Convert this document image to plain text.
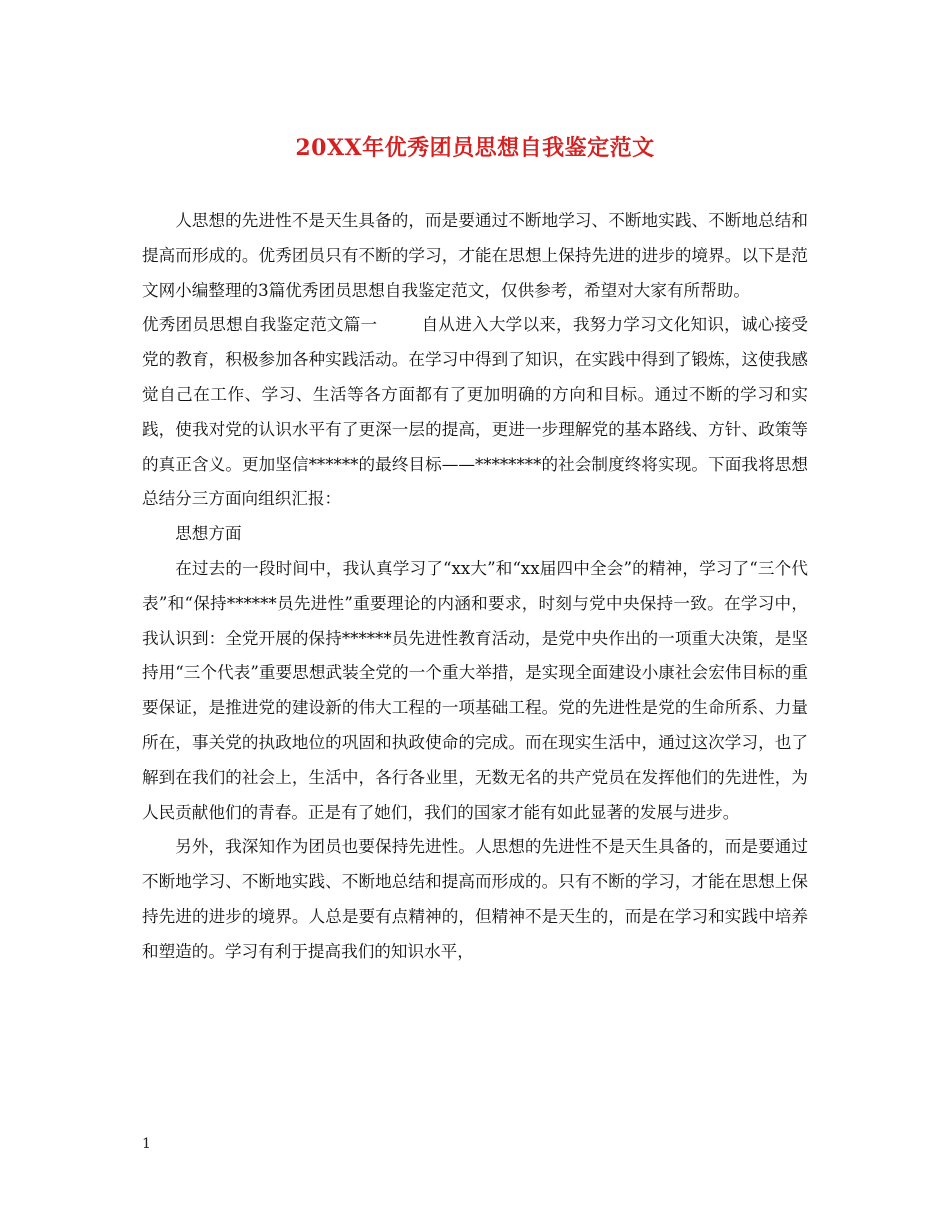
20XX年优秀团员思想自我鉴定范文

人思想的先进性不是天生具备的，而是要通过不断地学习、不断地实践、不断地总结和提高而形成的。优秀团员只有不断的学习，才能在思想上保持先进的进步的境界。以下是范文网小编整理的3篇优秀团员思想自我鉴定范文，仅供参考，希望对大家有所帮助。

优秀团员思想自我鉴定范文篇一	自从进入大学以来，我努力学习文化知识，诚心接受党的教育，积极参加各种实践活动。在学习中得到了知识，在实践中得到了锻炼，这使我感觉自己在工作、学习、生活等各方面都有了更加明确的方向和目标。通过不断的学习和实践，使我对党的认识水平有了更深一层的提高，更进一步理解党的基本路线、方针、政策等的真正含义。更加坚信******的最终目标——********的社会制度终将实现。下面我将思想总结分三方面向组织汇报：

思想方面

在过去的一段时间中，我认真学习了“xx大”和“xx届四中全会”的精神，学习了“三个代表”和“保持******员先进性”重要理论的内涵和要求，时刻与党中央保持一致。在学习中，我认识到：全党开展的保持******员先进性教育活动，是党中央作出的一项重大决策，是坚持用“三个代表”重要思想武装全党的一个重大举措，是实现全面建设小康社会宏伟目标的重要保证，是推进党的建设新的伟大工程的一项基础工程。党的先进性是党的生命所系、力量所在，事关党的执政地位的巩固和执政使命的完成。而在现实生活中，通过这次学习，也了解到在我们的社会上，生活中，各行各业里，无数无名的共产党员在发挥他们的先进性，为人民贡献他们的青春。正是有了她们，我们的国家才能有如此显著的发展与进步。

另外，我深知作为团员也要保持先进性。人思想的先进性不是天生具备的，而是要通过不断地学习、不断地实践、不断地总结和提高而形成的。只有不断的学习，才能在思想上保持先进的进步的境界。人总是要有点精神的，但精神不是天生的，而是在学习和实践中培养和塑造的。学习有利于提高我们的知识水平，

1
